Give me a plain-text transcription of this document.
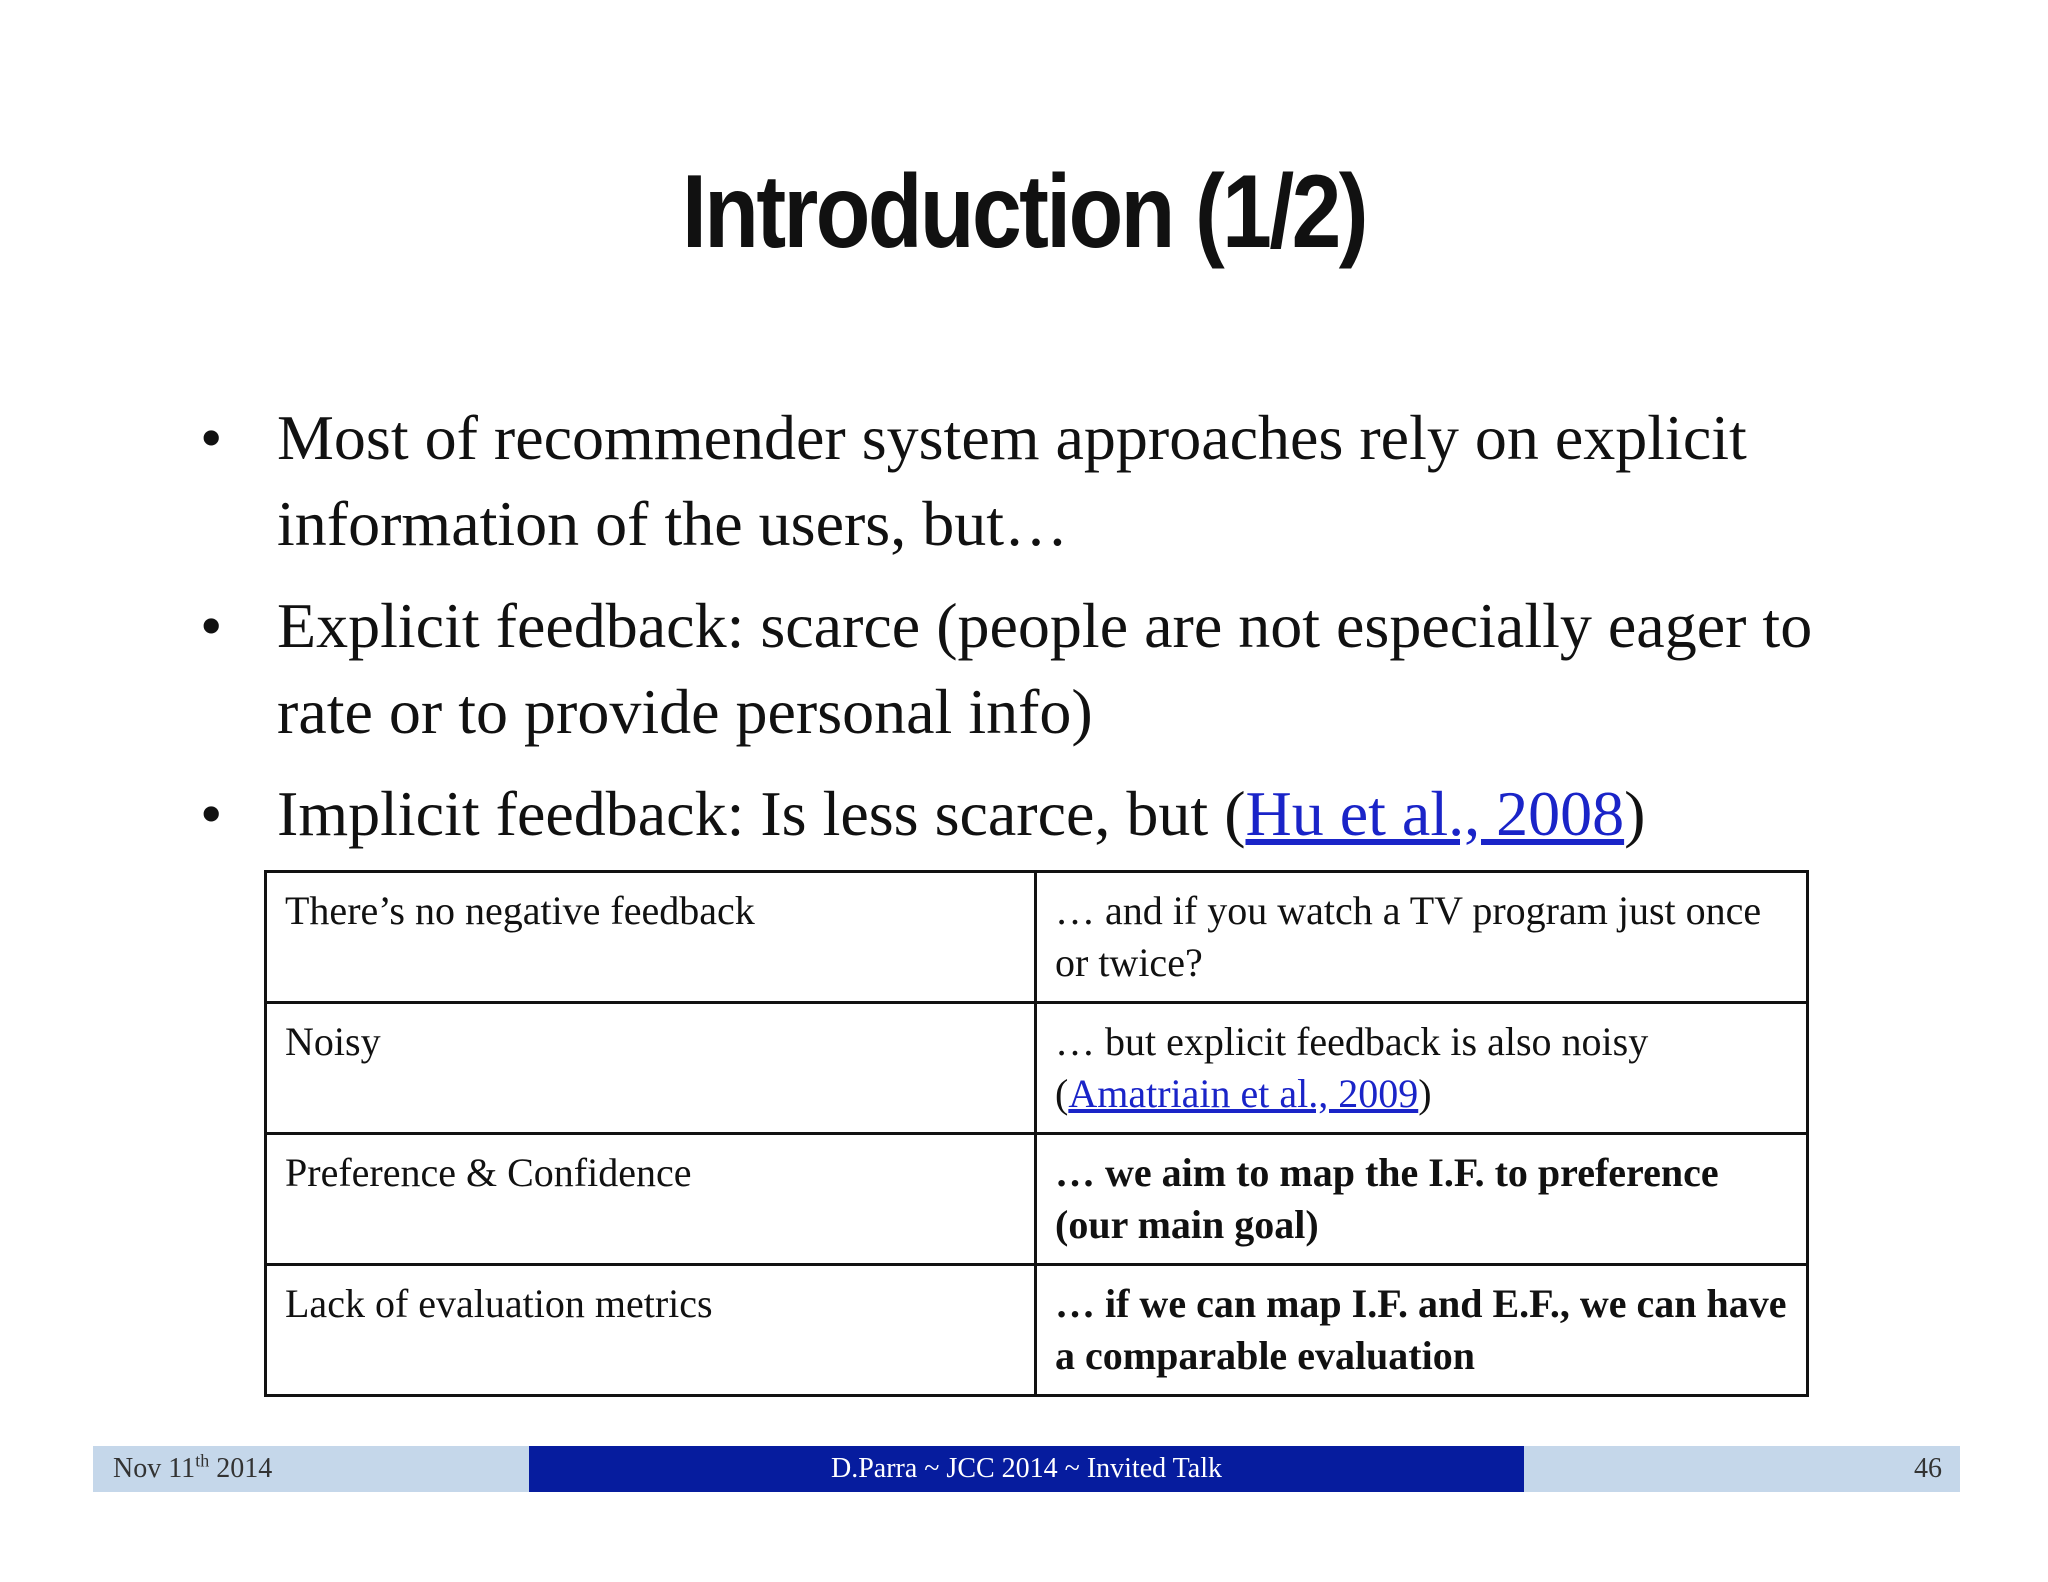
Introduction (1/2)
• Most of recommender system approaches rely on explicit information of the users, but…
• Explicit feedback: scarce (people are not especially eager to rate or to provide personal info)
• Implicit feedback: Is less scarce, but (Hu et al., 2008)
There’s no negative feedback	… and if you watch a TV program just once or twice?
Noisy	… but explicit feedback is also noisy (Amatriain et al., 2009)
Preference & Confidence	… we aim to map the I.F. to preference (our main goal)
Lack of evaluation metrics	… if we can map I.F. and E.F., we can have a comparable evaluation
Nov 11th 2014	D.Parra ~ JCC 2014 ~ Invited Talk	46
